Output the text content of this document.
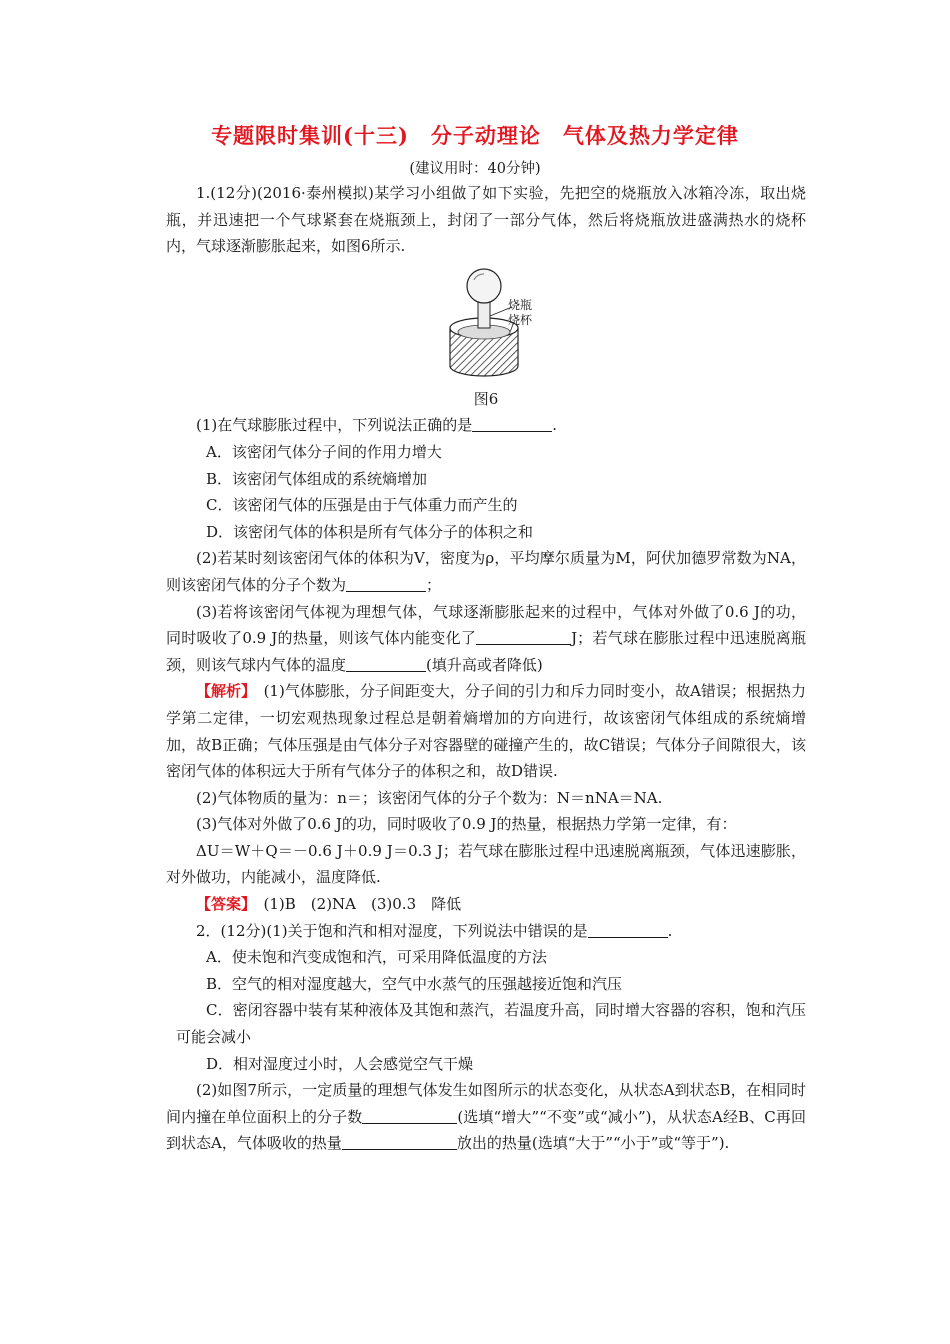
专题限时集训(十三)　分子动理论　气体及热力学定律
(建议用时：40分钟)

1.(12分)(2016·泰州模拟)某学习小组做了如下实验，先把空的烧瓶放入冰箱冷冻，取出烧瓶，并迅速把一个气球紧套在烧瓶颈上，封闭了一部分气体，然后将烧瓶放进盛满热水的烧杯内，气球逐渐膨胀起来，如图6所示.

烧瓶
烧杯

图6

(1)在气球膨胀过程中，下列说法正确的是	.

A．该密闭气体分子间的作用力增大

B．该密闭气体组成的系统熵增加

C．该密闭气体的压强是由于气体重力而产生的

D．该密闭气体的体积是所有气体分子的体积之和

(2)若某时刻该密闭气体的体积为V，密度为ρ，平均摩尔质量为M，阿伏加德罗常数为NA，则该密闭气体的分子个数为	；

(3)若将该密闭气体视为理想气体，气球逐渐膨胀起来的过程中，气体对外做了0.6 J的功，同时吸收了0.9 J的热量，则该气体内能变化了	J；若气球在膨胀过程中迅速脱离瓶颈，则该气球内气体的温度	(填升高或者降低)

【解析】　 (1)气体膨胀，分子间距变大，分子间的引力和斥力同时变小，故A错误；根据热力学第二定律，一切宏观热现象过程总是朝着熵增加的方向进行，故该密闭气体组成的系统熵增加，故B正确；气体压强是由气体分子对容器壁的碰撞产生的，故C错误；气体分子间隙很大，该密闭气体的体积远大于所有气体分子的体积之和，故D错误.

(2)气体物质的量为：n＝；该密闭气体的分子个数为：N＝nNA＝NA.

(3)气体对外做了0.6 J的功，同时吸收了0.9 J的热量，根据热力学第一定律，有：

ΔU＝W＋Q＝－0.6 J＋0.9 J＝0.3 J；若气球在膨胀过程中迅速脱离瓶颈，气体迅速膨胀，对外做功，内能减小，温度降低.

【答案】　 (1)B　(2)NA　(3)0.3　降低

2．(12分)(1)关于饱和汽和相对湿度，下列说法中错误的是	.

A．使未饱和汽变成饱和汽，可采用降低温度的方法

B．空气的相对湿度越大，空气中水蒸气的压强越接近饱和汽压

C．密闭容器中装有某种液体及其饱和蒸汽，若温度升高，同时增大容器的容积，饱和汽压可能会减小

D．相对湿度过小时，人会感觉空气干燥

(2)如图7所示，一定质量的理想气体发生如图所示的状态变化，从状态A到状态B，在相同时间内撞在单位面积上的分子数	(选填“增大”“不变”或“减小”)，从状态A经B、C再回到状态A，气体吸收的热量	放出的热量(选填“大于”“小于”或“等于”).
